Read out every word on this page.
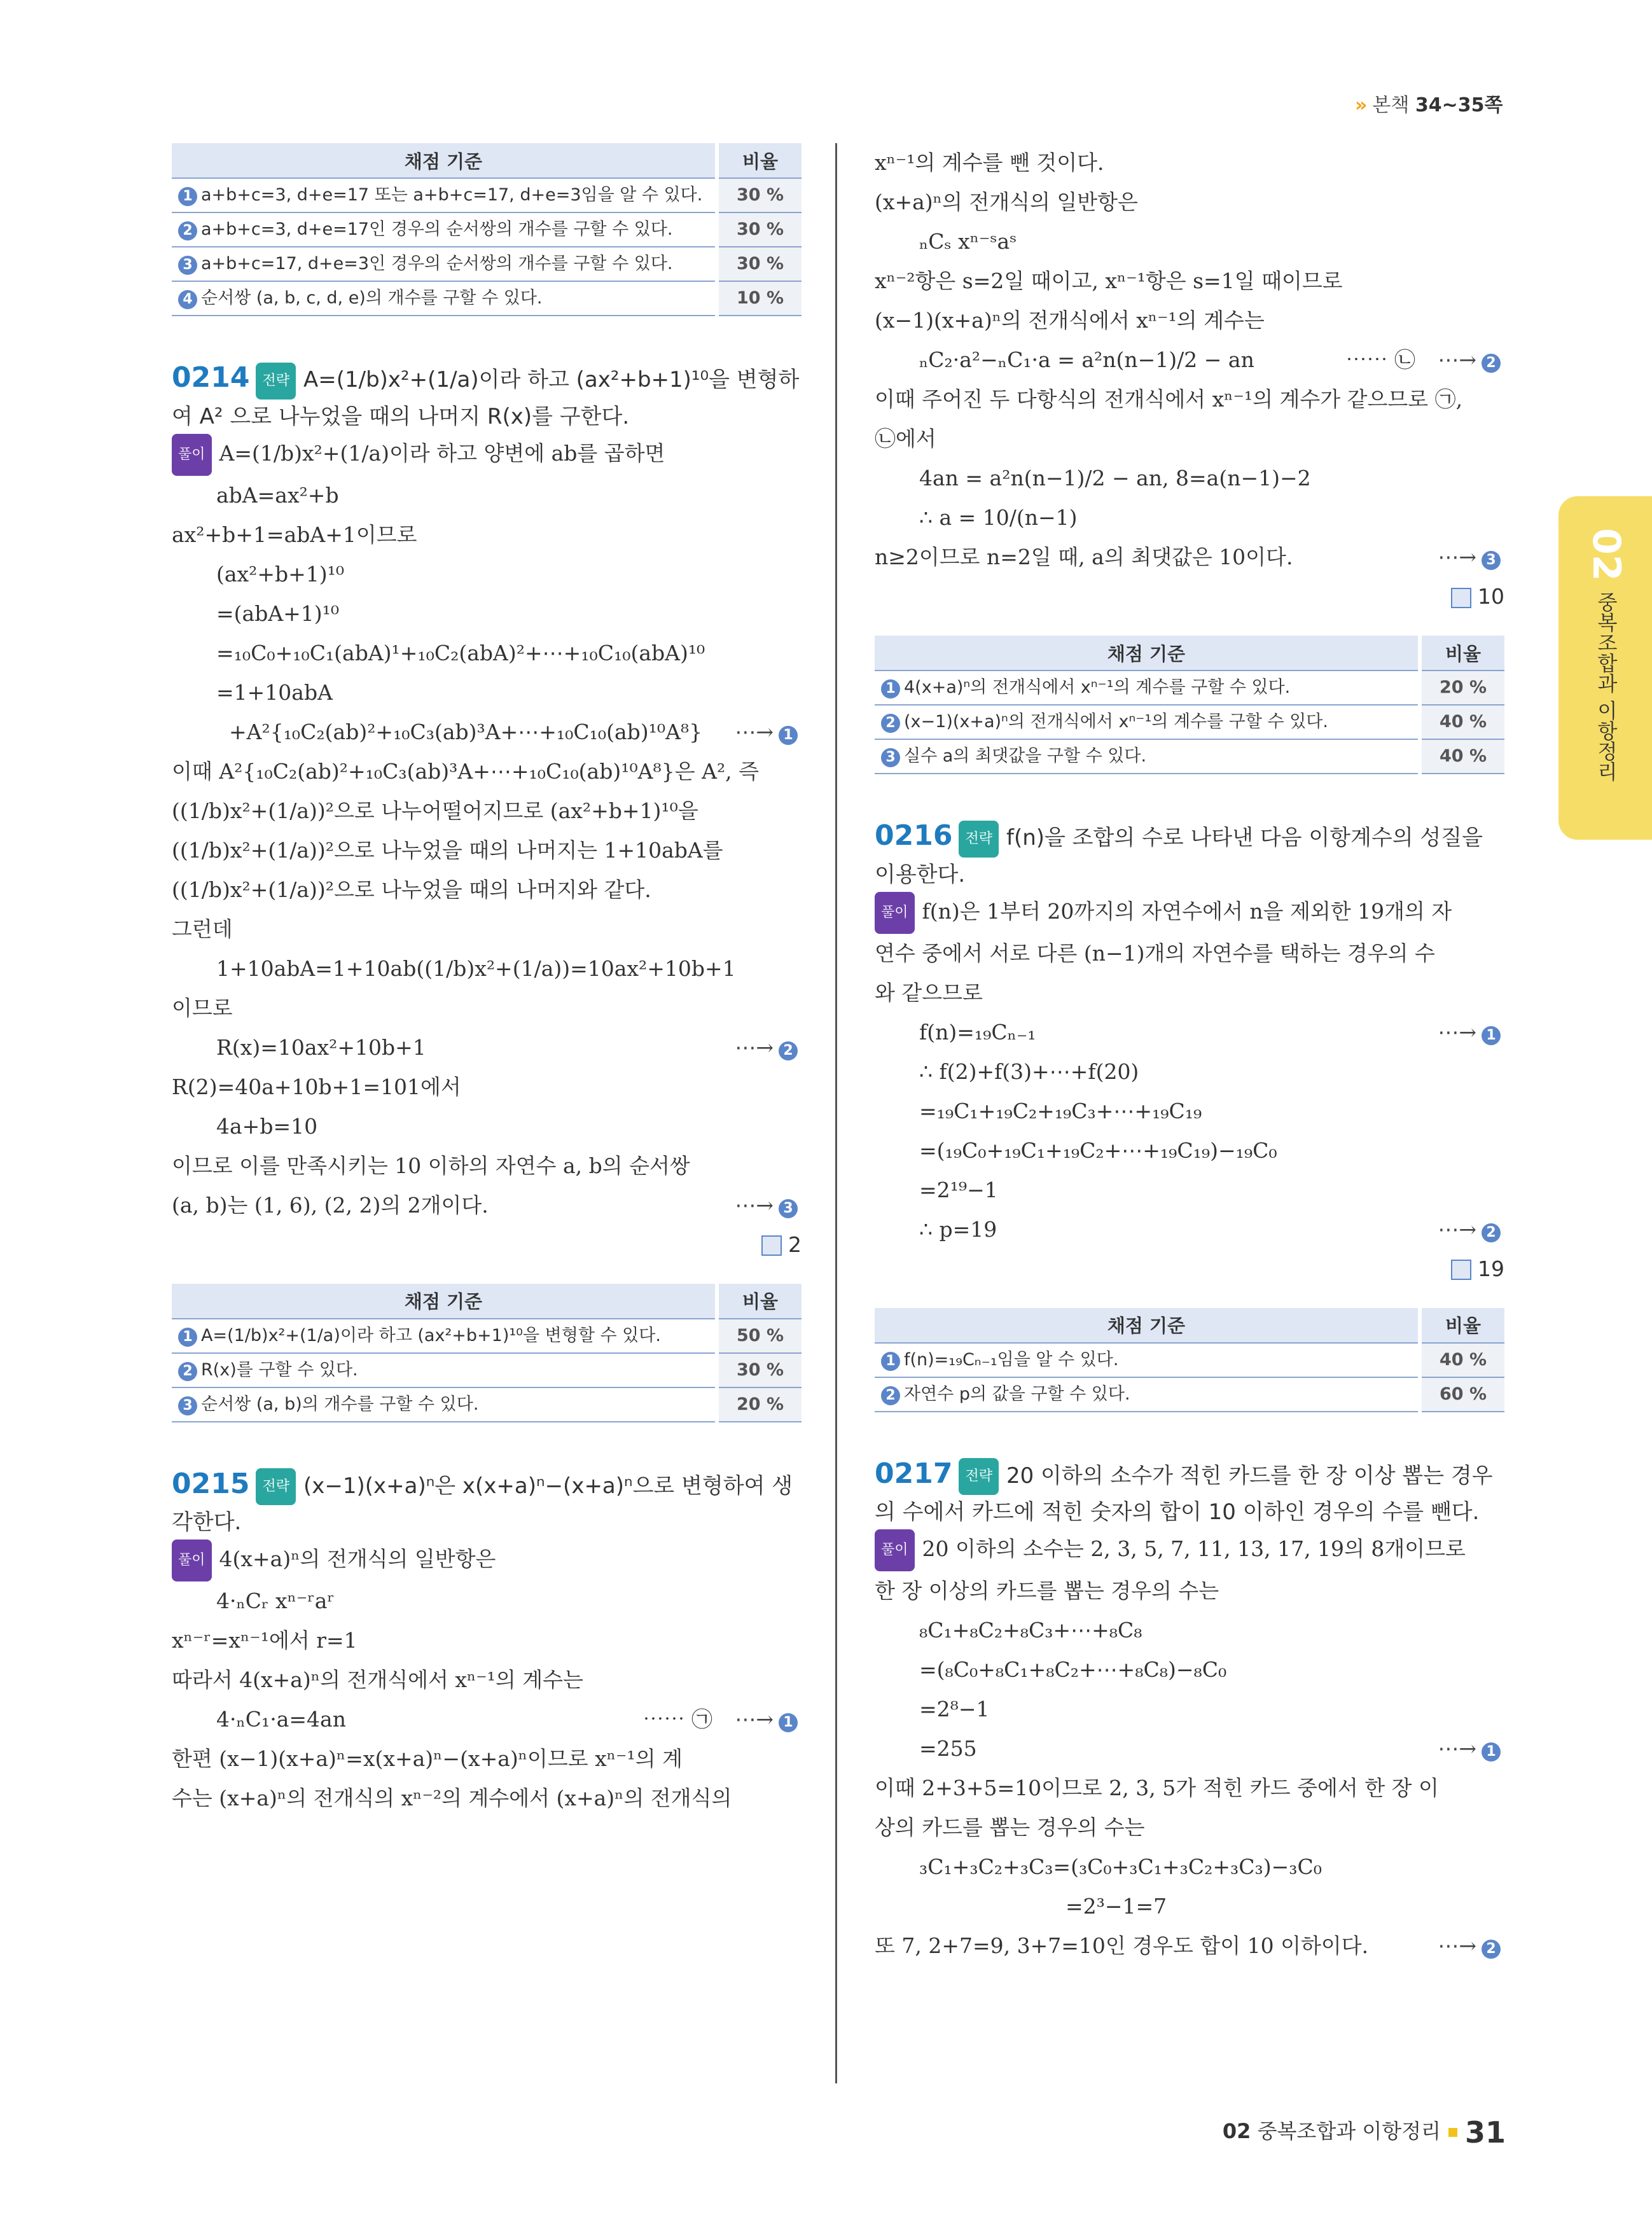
» 본책 34~35쪽
채점 기준	비율
1 a+b+c=3, d+e=17 또는 a+b+c=17, d+e=3임을 알 수 있다.	30 %
2 a+b+c=3, d+e=17인 경우의 순서쌍의 개수를 구할 수 있다.	30 %
3 a+b+c=17, d+e=3인 경우의 순서쌍의 개수를 구할 수 있다.	30 %
4 순서쌍 (a, b, c, d, e)의 개수를 구할 수 있다.	10 %
0214 전략 A=(1/b)x²+(1/a)이라 하고 (ax²+b+1)¹⁰을 변형하여 A² 으로 나누었을 때의 나머지 R(x)를 구한다.
풀이 A=(1/b)x²+(1/a)이라 하고 양변에 ab를 곱하면
abA=ax²+b
ax²+b+1=abA+1이므로
(ax²+b+1)¹⁰
=(abA+1)¹⁰
=₁₀C₀+₁₀C₁(abA)¹+₁₀C₂(abA)²+⋯+₁₀C₁₀(abA)¹⁰
=1+10abA
+A²{₁₀C₂(ab)²+₁₀C₃(ab)³A+⋯+₁₀C₁₀(ab)¹⁰A⁸} ⋯→ 1
이때 A²{₁₀C₂(ab)²+₁₀C₃(ab)³A+⋯+₁₀C₁₀(ab)¹⁰A⁸}은 A², 즉
((1/b)x²+(1/a))²으로 나누어떨어지므로 (ax²+b+1)¹⁰을
((1/b)x²+(1/a))²으로 나누었을 때의 나머지는 1+10abA를
((1/b)x²+(1/a))²으로 나누었을 때의 나머지와 같다.
그런데
1+10abA=1+10ab((1/b)x²+(1/a))=10ax²+10b+1
이므로
R(x)=10ax²+10b+1	⋯→ 2
R(2)=40a+10b+1=101에서
4a+b=10
이므로 이를 만족시키는 10 이하의 자연수 a, b의 순서쌍
(a, b)는 (1, 6), (2, 2)의 2개이다.	⋯→ 3
2
채점 기준	비율
1 A=(1/b)x²+(1/a)이라 하고 (ax²+b+1)¹⁰을 변형할 수 있다.	50 %
2 R(x)를 구할 수 있다.	30 %
3 순서쌍 (a, b)의 개수를 구할 수 있다.	20 %
0215 전략 (x−1)(x+a)ⁿ은 x(x+a)ⁿ−(x+a)ⁿ으로 변형하여 생각한다.
풀이 4(x+a)ⁿ의 전개식의 일반항은
4·ₙCᵣ xⁿ⁻ʳaʳ
xⁿ⁻ʳ=xⁿ⁻¹에서 r=1
따라서 4(x+a)ⁿ의 전개식에서 xⁿ⁻¹의 계수는
4·ₙC₁·a=4an	⋯⋯ ㉠ ⋯→ 1
한편 (x−1)(x+a)ⁿ=x(x+a)ⁿ−(x+a)ⁿ이므로 xⁿ⁻¹의 계
수는 (x+a)ⁿ의 전개식의 xⁿ⁻²의 계수에서 (x+a)ⁿ의 전개식의
xⁿ⁻¹의 계수를 뺀 것이다.
(x+a)ⁿ의 전개식의 일반항은
ₙCₛ xⁿ⁻ˢaˢ
xⁿ⁻²항은 s=2일 때이고, xⁿ⁻¹항은 s=1일 때이므로
(x−1)(x+a)ⁿ의 전개식에서 xⁿ⁻¹의 계수는
ₙC₂·a²−ₙC₁·a = a²n(n−1)/2 − an	⋯⋯ ㉡ ⋯→ 2
이때 주어진 두 다항식의 전개식에서 xⁿ⁻¹의 계수가 같으므로 ㉠,
㉡에서
4an = a²n(n−1)/2 − an, 8=a(n−1)−2
∴ a = 10/(n−1)
n≥2이므로 n=2일 때, a의 최댓값은 10이다.	⋯→ 3
10
채점 기준	비율
1 4(x+a)ⁿ의 전개식에서 xⁿ⁻¹의 계수를 구할 수 있다.	20 %
2 (x−1)(x+a)ⁿ의 전개식에서 xⁿ⁻¹의 계수를 구할 수 있다.	40 %
3 실수 a의 최댓값을 구할 수 있다.	40 %
0216 전략 f(n)을 조합의 수로 나타낸 다음 이항계수의 성질을 이용한다.
풀이 f(n)은 1부터 20까지의 자연수에서 n을 제외한 19개의 자
연수 중에서 서로 다른 (n−1)개의 자연수를 택하는 경우의 수
와 같으므로
f(n)=₁₉Cₙ₋₁	⋯→ 1
∴ f(2)+f(3)+⋯+f(20)
=₁₉C₁+₁₉C₂+₁₉C₃+⋯+₁₉C₁₉
=(₁₉C₀+₁₉C₁+₁₉C₂+⋯+₁₉C₁₉)−₁₉C₀
=2¹⁹−1
∴ p=19	⋯→ 2
19
채점 기준	비율
1 f(n)=₁₉Cₙ₋₁임을 알 수 있다.	40 %
2 자연수 p의 값을 구할 수 있다.	60 %
0217 전략 20 이하의 소수가 적힌 카드를 한 장 이상 뽑는 경우의 수에서 카드에 적힌 숫자의 합이 10 이하인 경우의 수를 뺀다.
풀이 20 이하의 소수는 2, 3, 5, 7, 11, 13, 17, 19의 8개이므로
한 장 이상의 카드를 뽑는 경우의 수는
₈C₁+₈C₂+₈C₃+⋯+₈C₈
=(₈C₀+₈C₁+₈C₂+⋯+₈C₈)−₈C₀
=2⁸−1
=255	⋯→ 1
이때 2+3+5=10이므로 2, 3, 5가 적힌 카드 중에서 한 장 이
상의 카드를 뽑는 경우의 수는
₃C₁+₃C₂+₃C₃=(₃C₀+₃C₁+₃C₂+₃C₃)−₃C₀
=2³−1=7
또 7, 2+7=9, 3+7=10인 경우도 합이 10 이하이다.	⋯→ 2
02
중복조합과 이항정리
02 중복조합과 이항정리 31
